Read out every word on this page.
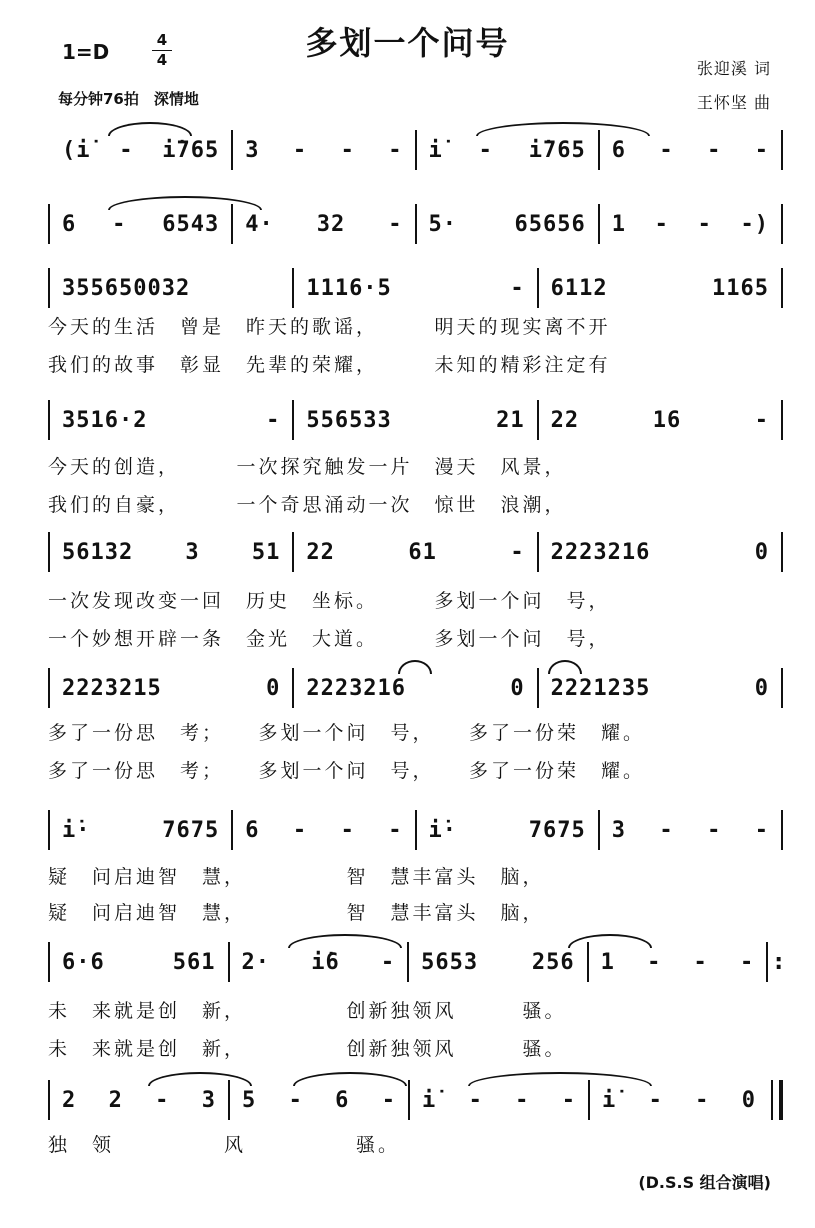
多划一个问号
1=D	4
4
每分钟76拍　深情地
张迎溪 词
王怀坚 曲
(i̇ - i̇765	3 - - -	i̇ - i̇765	6 - - -
6 - 6543	4· 32 -	5· 65656	1 - - -)
355650032	1116·5 -	6112 1165
3516·2 -	556533 21	22 16 -
56132 3 51	22 61 -	2223216 0
2223215 0	2223216 0	2221235 0
i̇· 7675	6 - - -	i̇· 7675	3 - - -
6·6 561	2· i̇6 -	5653 256	1 - - - :
2 2 - 3	5 - 6 -	i̇ - - -	i̇ - - 0
今天的生活　曾是　昨天的歌谣，　　　明天的现实离不开
我们的故事　彰显　先辈的荣耀，　　　未知的精彩注定有
今天的创造，　　　一次探究触发一片　漫天　风景，
我们的自豪，　　　一个奇思涌动一次　惊世　浪潮，
一次发现改变一回　历史　坐标。　　　多划一个问　号，
一个妙想开辟一条　金光　大道。　　　多划一个问　号，
多了一份思　考；　　多划一个问　号，　　多了一份荣　耀。
多了一份思　考；　　多划一个问　号，　　多了一份荣　耀。
疑　问启迪智　慧，　　　　　智　慧丰富头　脑，
疑　问启迪智　慧，　　　　　智　慧丰富头　脑，
未　来就是创　新，　　　　　创新独领风　　　骚。
未　来就是创　新，　　　　　创新独领风　　　骚。
独　领　　　　　风　　　　　骚。
(D.S.S 组合演唱)
